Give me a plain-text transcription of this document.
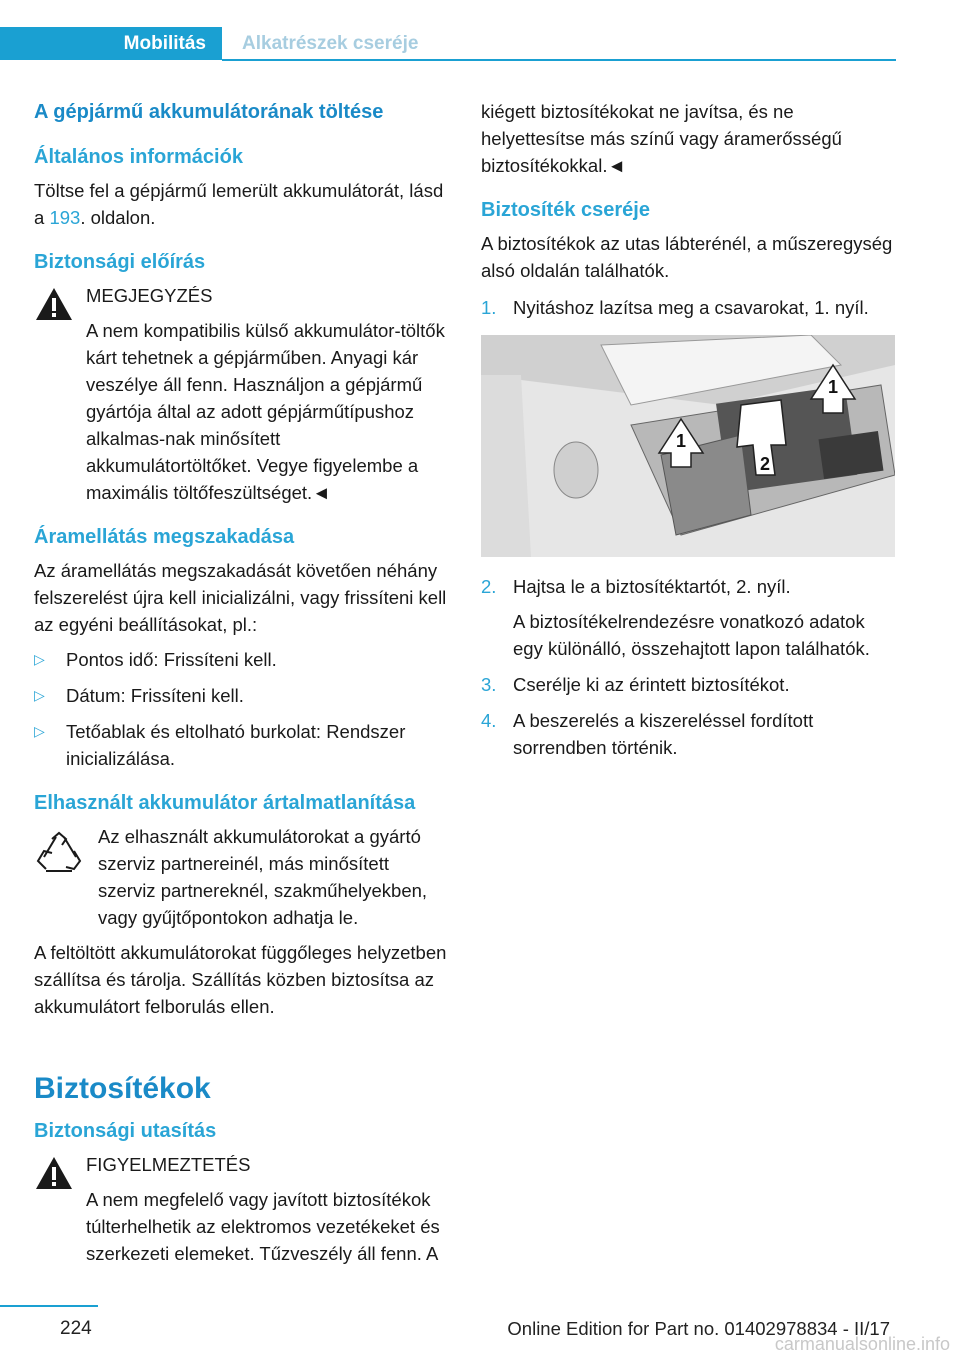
Mobilitás	Alkatrészek cseréje
A gépjármű akkumulátorának töltése
Általános információk

Töltse fel a gépjármű lemerült akkumulátorát, lásd a 193. oldalon.

Biztonsági előírás

MEGJEGYZÉS

A nem kompatibilis külső akkumulátor-töltők kárt tehetnek a gépjárműben. Anyagi kár veszélye áll fenn. Használjon a gépjármű gyártója által az adott gépjárműtípushoz alkalmas-nak minősített akkumulátortöltőket. Vegye figyelembe a maximális töltőfeszültséget.◄

Áramellátás megszakadása

Az áramellátás megszakadását követően néhány felszerelést újra kell inicializálni, vagy frissíteni kell az egyéni beállításokat, pl.:

▷ Pontos idő: Frissíteni kell.
▷ Dátum: Frissíteni kell.
▷ Tetőablak és eltolható burkolat: Rendszer inicializálása.
Elhasznált akkumulátor ártalmatlanítása

Az elhasznált akkumulátorokat a gyártó szerviz partnereinél, más minősített szerviz partnereknél, szakműhelyekben, vagy gyűjtőpontokon adhatja le.

A feltöltött akkumulátorokat függőleges helyzetben szállítsa és tárolja. Szállítás közben biztosítsa az akkumulátort felborulás ellen.

Biztosítékok
Biztonsági utasítás

FIGYELMEZTETÉS

A nem megfelelő vagy javított biztosítékok túlterhelhetik az elektromos vezetékeket és szerkezeti elemeket. Tűzveszély áll fenn. A

kiégett biztosítékokat ne javítsa, és ne helyettesítse más színű vagy áramerősségű biztosítékokkal.◄

Biztosíték cseréje

A biztosítékok az utas lábterénél, a műszeregység alsó oldalán találhatók.

1. Nyitáshoz lazítsa meg a csavarokat, 1. nyíl.
1
1
2
2. Hajtsa le a biztosítéktartót, 2. nyíl.
A biztosítékelrendezésre vonatkozó adatok egy különálló, összehajtott lapon találhatók.
3. Cserélje ki az érintett biztosítékot.
4. A beszerelés a kiszereléssel fordított sorrendben történik.
224	Online Edition for Part no. 01402978834 - II/17
carmanualsonline.info
